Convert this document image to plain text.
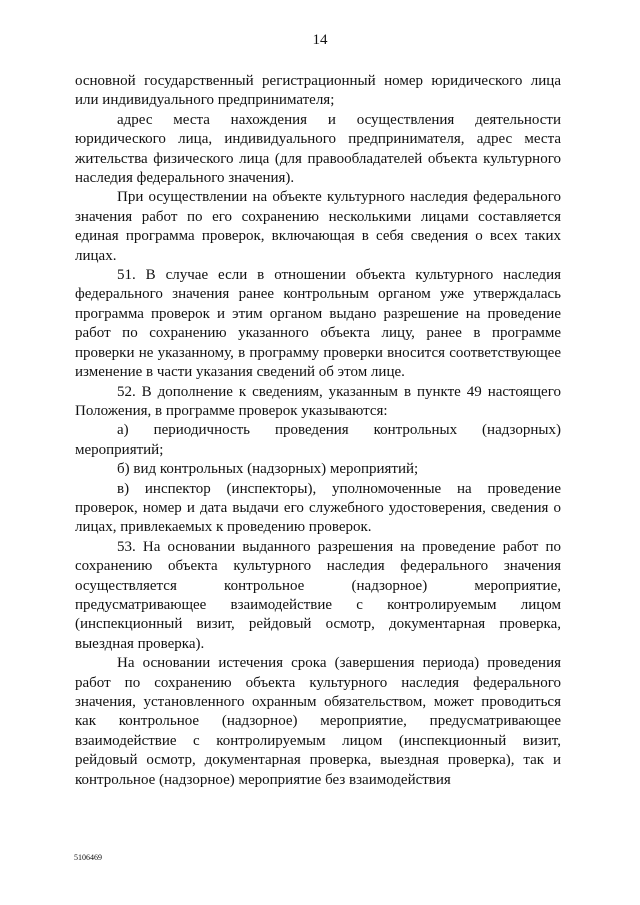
14

основной государственный регистрационный номер юридического лица или индивидуального предпринимателя;

адрес места нахождения и осуществления деятельности юридического лица, индивидуального предпринимателя, адрес места жительства физического лица (для правообладателей объекта культурного наследия федерального значения).

При осуществлении на объекте культурного наследия федерального значения работ по его сохранению несколькими лицами составляется единая программа проверок, включающая в себя сведения о всех таких лицах.

51. В случае если в отношении объекта культурного наследия федерального значения ранее контрольным органом уже утверждалась программа проверок и этим органом выдано разрешение на проведение работ по сохранению указанного объекта лицу, ранее в программе проверки не указанному, в программу проверки вносится соответствующее изменение в части указания сведений об этом лице.

52. В дополнение к сведениям, указанным в пункте 49 настоящего Положения, в программе проверок указываются:

а) периодичность проведения контрольных (надзорных) мероприятий;

б) вид контрольных (надзорных) мероприятий;

в) инспектор (инспекторы), уполномоченные на проведение проверок, номер и дата выдачи его служебного удостоверения, сведения о лицах, привлекаемых к проведению проверок.

53. На основании выданного разрешения на проведение работ по сохранению объекта культурного наследия федерального значения осуществляется контрольное (надзорное) мероприятие, предусматривающее взаимодействие с контролируемым лицом (инспекционный визит, рейдовый осмотр, документарная проверка, выездная проверка).

На основании истечения срока (завершения периода) проведения работ по сохранению объекта культурного наследия федерального значения, установленного охранным обязательством, может проводиться как контрольное (надзорное) мероприятие, предусматривающее взаимодействие с контролируемым лицом (инспекционный визит, рейдовый осмотр, документарная проверка, выездная проверка), так и контрольное (надзорное) мероприятие без взаимодействия

5106469
